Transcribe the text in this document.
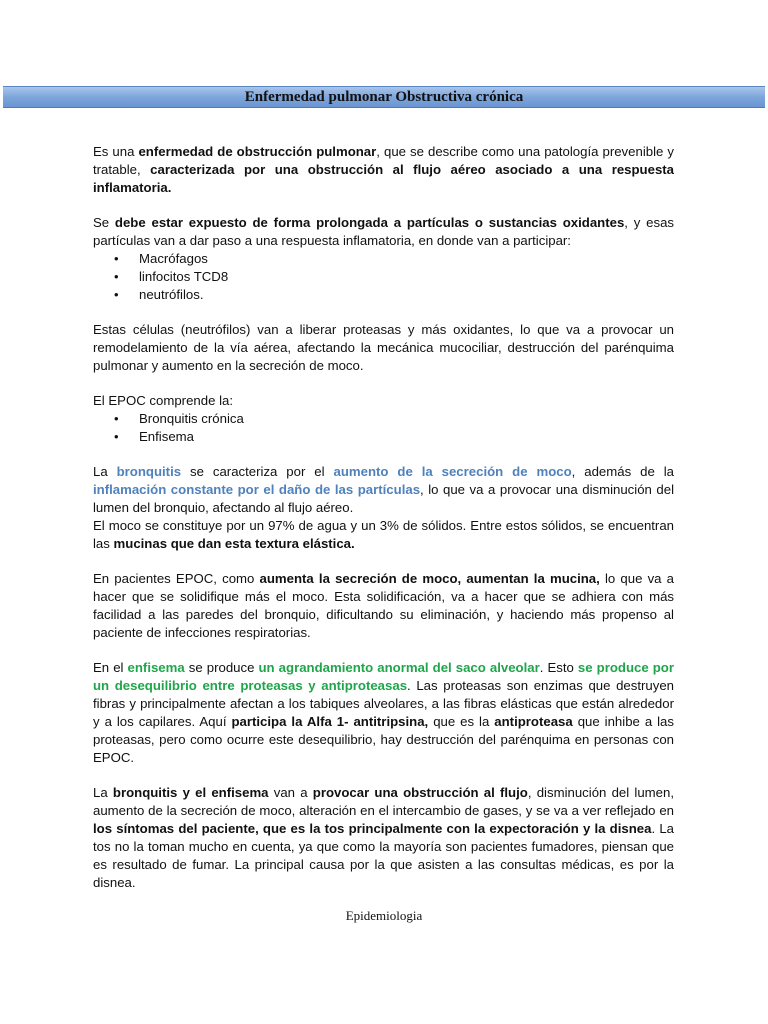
Enfermedad pulmonar Obstructiva crónica

Es una enfermedad de obstrucción pulmonar, que se describe como una patología prevenible y tratable, caracterizada por una obstrucción al flujo aéreo asociado a una respuesta inflamatoria.

Se debe estar expuesto de forma prolongada a partículas o sustancias oxidantes, y esas partículas van a dar paso a una respuesta inflamatoria, en donde van a participar:

• Macrófagos
• linfocitos TCD8
• neutrófilos.

Estas células (neutrófilos) van a liberar proteasas y más oxidantes, lo que va a provocar un remodelamiento de la vía aérea, afectando la mecánica mucociliar, destrucción del parénquima pulmonar y aumento en la secreción de moco.

El EPOC comprende la:

• Bronquitis crónica
• Enfisema

La bronquitis se caracteriza por el aumento de la secreción de moco, además de la inflamación constante por el daño de las partículas, lo que va a provocar una disminución del lumen del bronquio, afectando al flujo aéreo.

El moco se constituye por un 97% de agua y un 3% de sólidos. Entre estos sólidos, se encuentran las mucinas que dan esta textura elástica.

En pacientes EPOC, como aumenta la secreción de moco, aumentan la mucina, lo que va a hacer que se solidifique más el moco. Esta solidificación, va a hacer que se adhiera con más facilidad a las paredes del bronquio, dificultando su eliminación, y haciendo más propenso al paciente de infecciones respiratorias.

En el enfisema se produce un agrandamiento anormal del saco alveolar. Esto se produce por un desequilibrio entre proteasas y antiproteasas. Las proteasas son enzimas que destruyen fibras y principalmente afectan a los tabiques alveolares, a las fibras elásticas que están alrededor y a los capilares. Aquí participa la Alfa 1- antitripsina, que es la antiproteasa que inhibe a las proteasas, pero como ocurre este desequilibrio, hay destrucción del parénquima en personas con EPOC.

La bronquitis y el enfisema van a provocar una obstrucción al flujo, disminución del lumen, aumento de la secreción de moco, alteración en el intercambio de gases, y se va a ver reflejado en los síntomas del paciente, que es la tos principalmente con la expectoración y la disnea. La tos no la toman mucho en cuenta, ya que como la mayoría son pacientes fumadores, piensan que es resultado de fumar. La principal causa por la que asisten a las consultas médicas, es por la disnea.

Epidemiologia
